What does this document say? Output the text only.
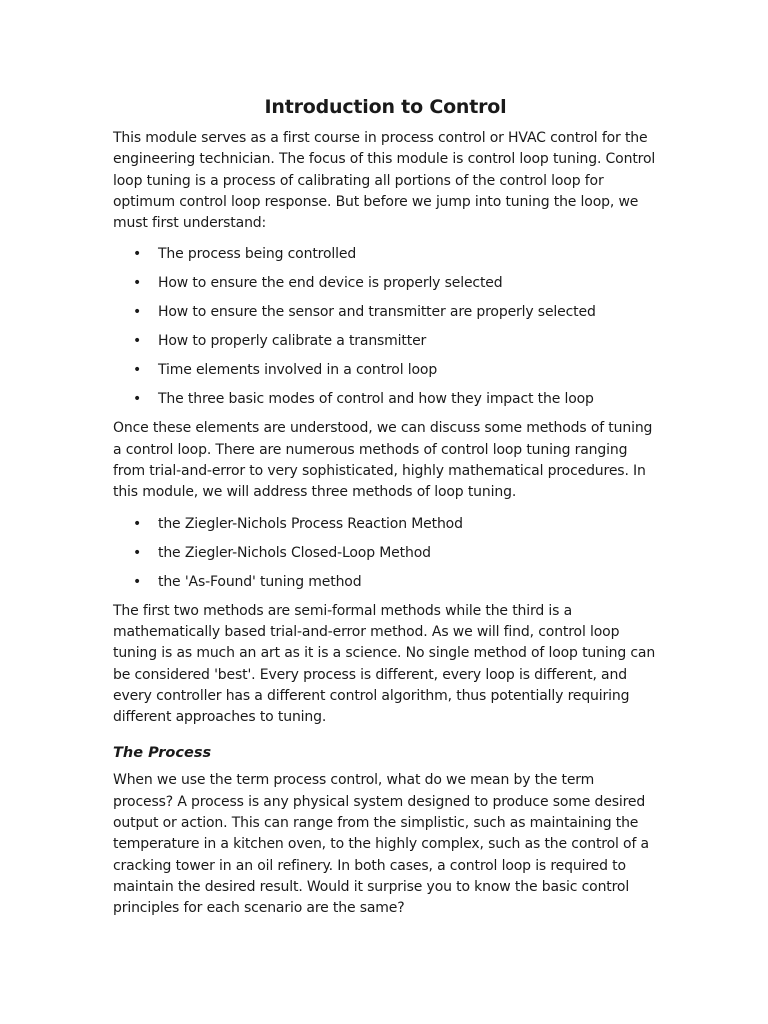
Introduction to Control

This module serves as a first course in process control or HVAC control for the engineering technician. The focus of this module is control loop tuning. Control loop tuning is a process of calibrating all portions of the control loop for optimum control loop response. But before we jump into tuning the loop, we must first understand:

• The process being controlled
• How to ensure the end device is properly selected
• How to ensure the sensor and transmitter are properly selected
• How to properly calibrate a transmitter
• Time elements involved in a control loop
• The three basic modes of control and how they impact the loop

Once these elements are understood, we can discuss some methods of tuning a control loop. There are numerous methods of control loop tuning ranging from trial-and-error to very sophisticated, highly mathematical procedures. In this module, we will address three methods of loop tuning.

• the Ziegler-Nichols Process Reaction Method
• the Ziegler-Nichols Closed-Loop Method
• the 'As-Found' tuning method

The first two methods are semi-formal methods while the third is a mathematically based trial-and-error method. As we will find, control loop tuning is as much an art as it is a science. No single method of loop tuning can be considered 'best'. Every process is different, every loop is different, and every controller has a different control algorithm, thus potentially requiring different approaches to tuning.

The Process

When we use the term process control, what do we mean by the term process? A process is any physical system designed to produce some desired output or action. This can range from the simplistic, such as maintaining the temperature in a kitchen oven, to the highly complex, such as the control of a cracking tower in an oil refinery. In both cases, a control loop is required to maintain the desired result. Would it surprise you to know the basic control principles for each scenario are the same?
